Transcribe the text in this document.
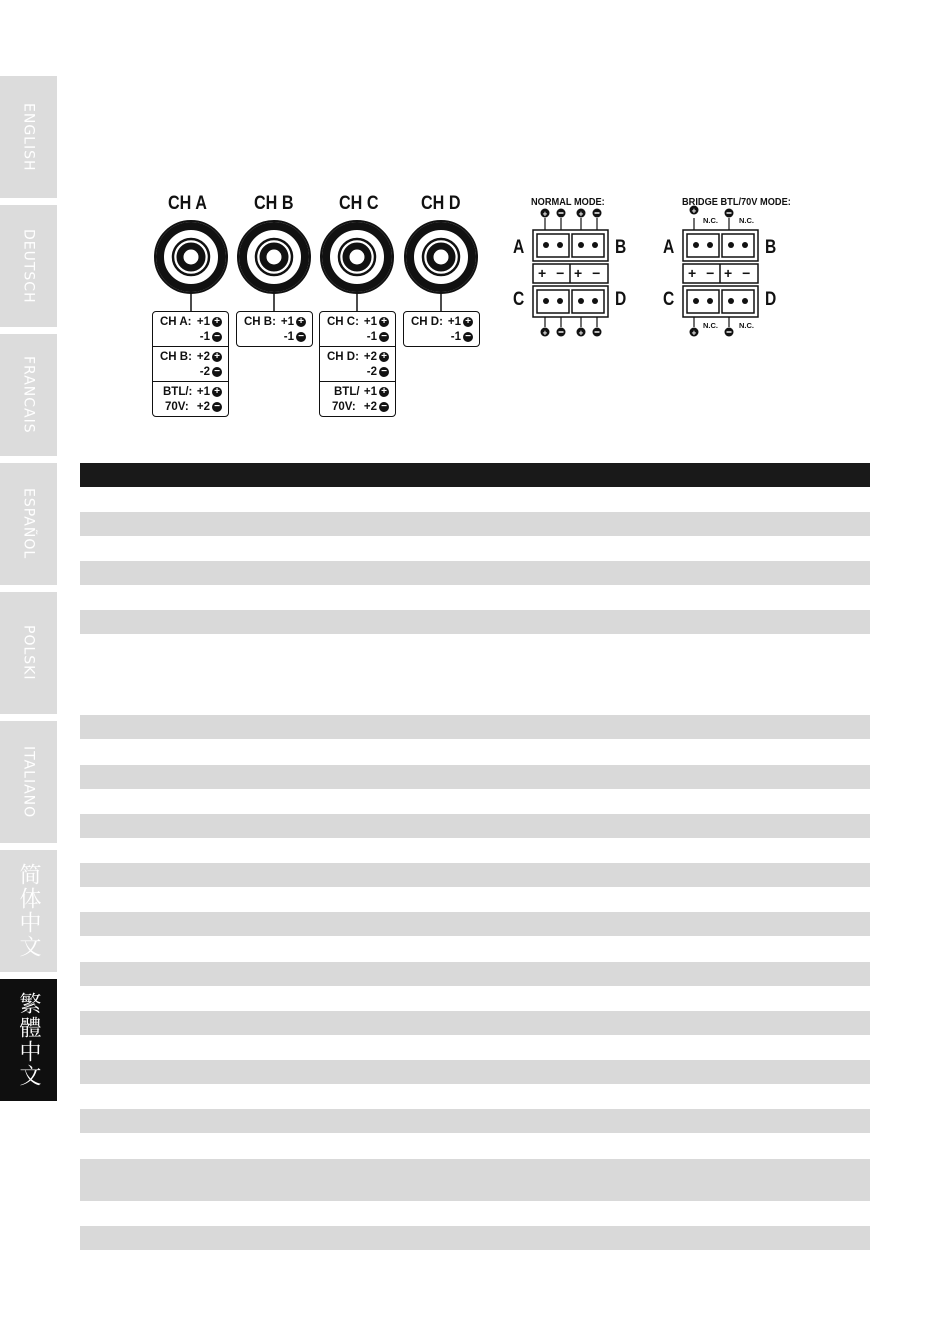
ENGLISH
DEUTSCH
FRANCAIS
ESPAÑOL
POLSKI
ITALIANO
简体中文
繁體中文
CH A CH B CH C CH D	+	+
+	+
+
+
CH A: +1 +
-1 −
CH B: +2 +
-2 −
BTL/: +1 +
70V: +2 −
CH B: +1 +
-1 −
CH C: +1 +
-1 −
CH D: +2 +
-2 −
BTL/ +1 +
70V: +2 −
CH D: +1 +
-1 −
NORMAL MODE:	BRIDGE BTL/70V MODE:
A	B
C	D
A	B
C	D
+ − + −	+ − + −
N.C.	N.C.
N.C.	N.C.
